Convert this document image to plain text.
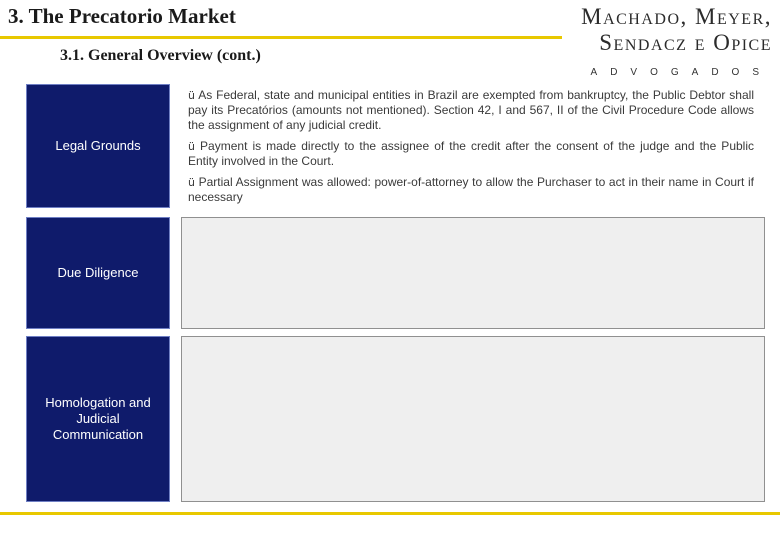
3. The Precatorio Market	Machado, Meyer,
Sendacz e Opice
ADVOGADOS
3.1. General Overview (cont.)
Legal Grounds
ü As Federal, state and municipal entities in Brazil are exempted from bankruptcy, the Public Debtor shall pay its Precatórios (amounts not mentioned). Section 42, I and 567, II of the Civil Procedure Code allows the assignment of any judicial credit.
ü Payment is made directly to the assignee of the credit after the consent of the judge and the Public Entity involved in the Court.
ü Partial Assignment was allowed: power-of-attorney to allow the Purchaser to act in their name in Court if necessary
Due Diligence
Homologation and Judicial Communication
